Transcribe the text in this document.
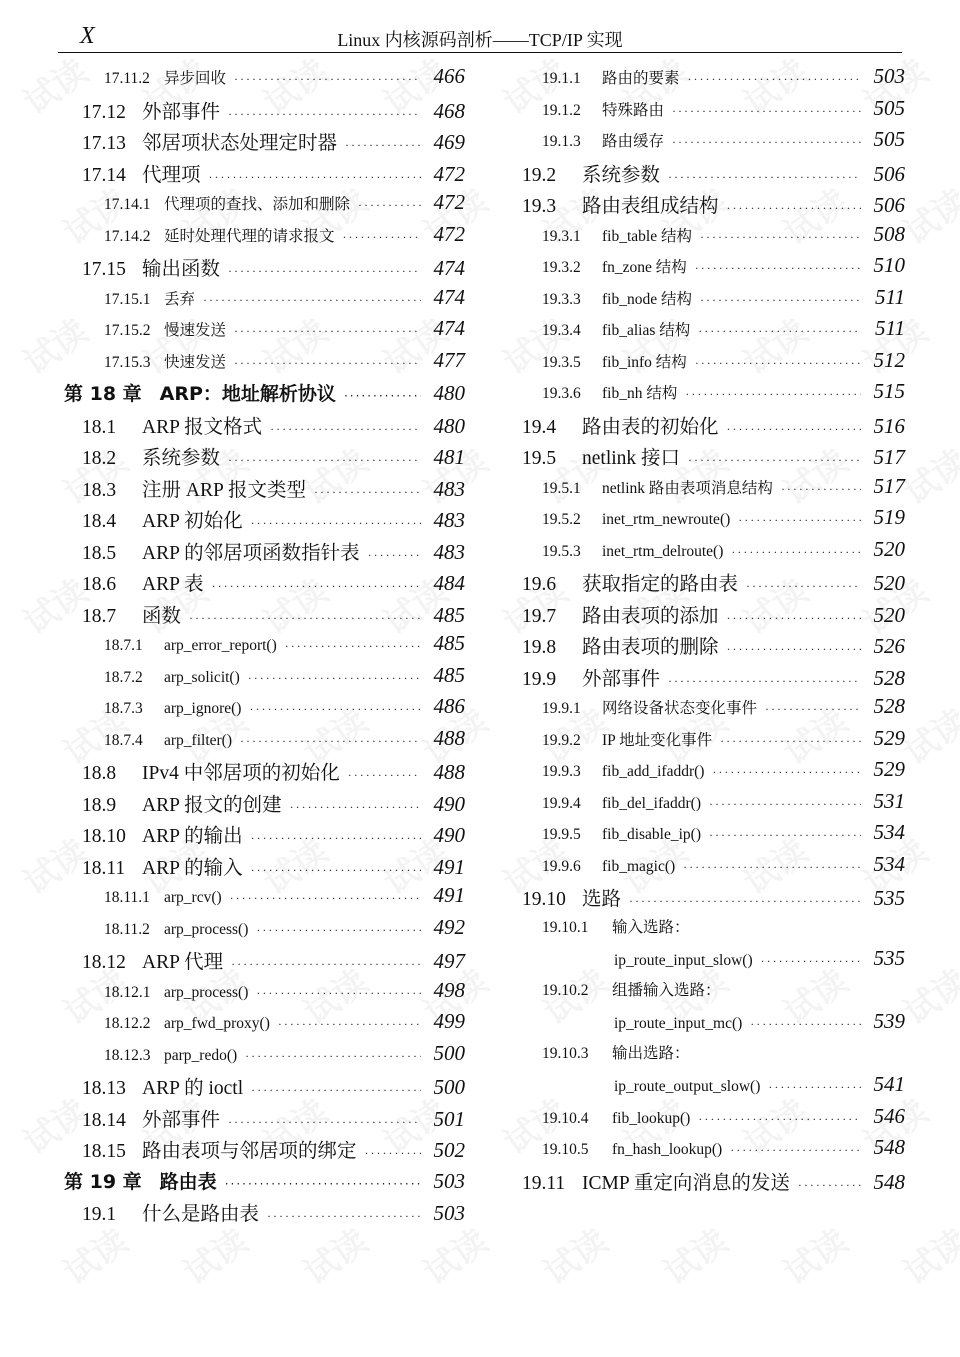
X	Linux 内核源码剖析——TCP/IP 实现
17.11.2 异步回收 ·····	466
17.12 外部事件 ·····	468
17.13 邻居项状态处理定时器 ·····	469
17.14 代理项 ·····	472
17.14.1 代理项的查找、添加和删除 ·····	472
17.14.2 延时处理代理的请求报文 ·····	472
17.15 输出函数 ·····	474
17.15.1 丢弃 ·····	474
17.15.2 慢速发送 ·····	474
17.15.3 快速发送 ·····	477
第 18 章 ARP：地址解析协议 ·····	480
18.1	ARP 报文格式 ·····	480
18.2	系统参数 ·····	481
18.3	注册 ARP 报文类型 ·····	483
18.4	ARP 初始化 ·····	483
18.5	ARP 的邻居项函数指针表 ·····	483
18.6	ARP 表 ·····	484
18.7	函数 ·····	485
18.7.1	arp_error_report() ·····	485
18.7.2	arp_solicit() ·····	485
18.7.3	arp_ignore() ·····	486
18.7.4	arp_filter() ·····	488
18.8	IPv4 中邻居项的初始化 ·····	488
18.9	ARP 报文的创建 ·····	490
18.10 ARP 的输出 ·····	490
18.11 ARP 的输入 ·····	491
18.11.1 arp_rcv() ·····	491
18.11.2 arp_process() ·····	492
18.12 ARP 代理 ·····	497
18.12.1 arp_process() ·····	498
18.12.2 arp_fwd_proxy() ·····	499
18.12.3 parp_redo() ·····	500
18.13 ARP 的 ioctl ·····	500
18.14 外部事件 ·····	501
18.15 路由表项与邻居项的绑定 ·····	502
第 19 章 路由表 ·····	503
19.1	什么是路由表 ·····	503
19.1.1	路由的要素 ·····	503
19.1.2	特殊路由 ·····	505
19.1.3	路由缓存 ·····	505
19.2	系统参数 ·····	506
19.3	路由表组成结构 ·····	506
19.3.1	fib_table 结构 ·····	508
19.3.2	fn_zone 结构 ·····	510
19.3.3	fib_node 结构 ·····	511
19.3.4	fib_alias 结构 ·····	511
19.3.5	fib_info 结构 ·····	512
19.3.6	fib_nh 结构 ·····	515
19.4	路由表的初始化 ·····	516
19.5	netlink 接口 ·····	517
19.5.1	netlink 路由表项消息结构 ·····	517
19.5.2	inet_rtm_newroute() ·····	519
19.5.3	inet_rtm_delroute() ·····	520
19.6	获取指定的路由表 ·····	520
19.7	路由表项的添加 ·····	520
19.8	路由表项的删除 ·····	526
19.9	外部事件 ·····	528
19.9.1	网络设备状态变化事件 ·····	528
19.9.2	IP 地址变化事件 ·····	529
19.9.3	fib_add_ifaddr() ·····	529
19.9.4	fib_del_ifaddr() ·····	531
19.9.5	fib_disable_ip() ·····	534
19.9.6	fib_magic() ·····	534
19.10 选路 ·····	535
19.10.1	输入选路：
ip_route_input_slow() ·····	535
19.10.2	组播输入选路：
ip_route_input_mc() ·····	539
19.10.3	输出选路：
ip_route_output_slow() ·····	541
19.10.4	fib_lookup() ·····	546
19.10.5	fn_hash_lookup() ·····	548
19.11 ICMP 重定向消息的发送 ·····	548
